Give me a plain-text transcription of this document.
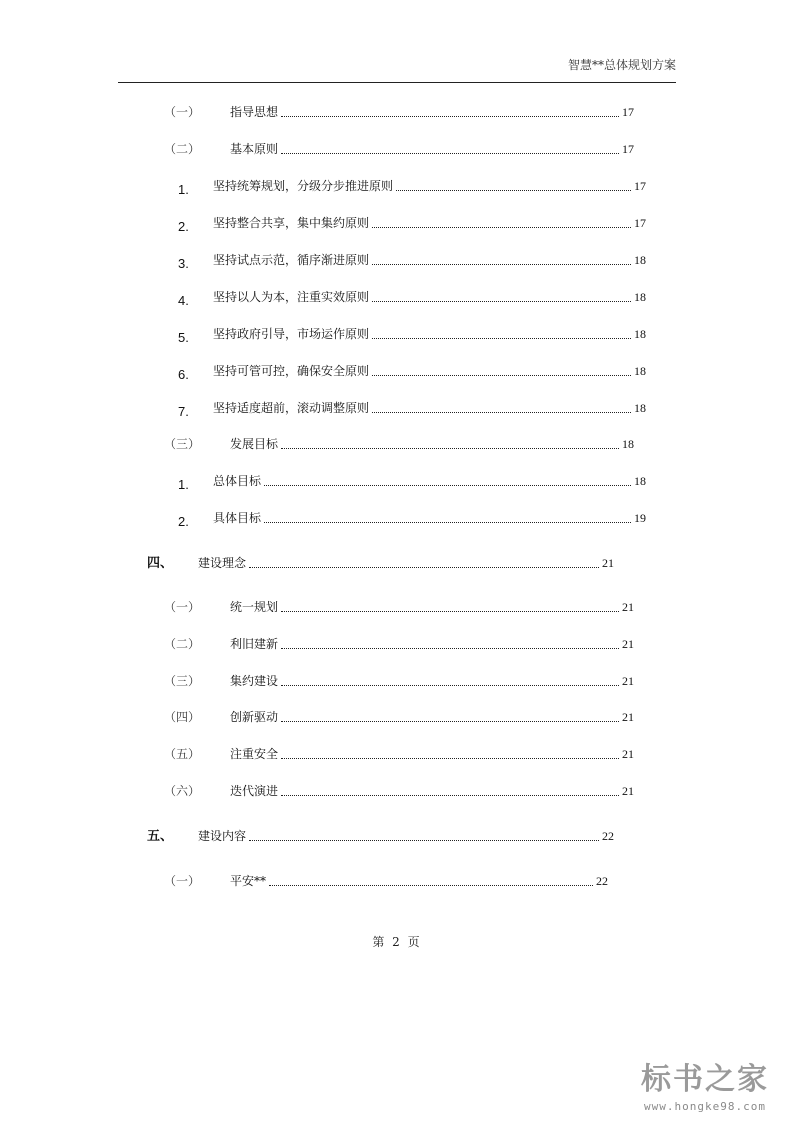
智慧**总体规划方案
（一） 指导思想	17
（二） 基本原则	17
1. 坚持统筹规划，分级分步推进原则	17
2. 坚持整合共享，集中集约原则	17
3. 坚持试点示范，循序渐进原则	18
4. 坚持以人为本，注重实效原则	18
5. 坚持政府引导，市场运作原则	18
6. 坚持可管可控，确保安全原则	18
7. 坚持适度超前，滚动调整原则	18
（三） 发展目标	18
1. 总体目标	18
2. 具体目标	19
四、 建设理念	21
（一） 统一规划	21
（二） 利旧建新	21
（三） 集约建设	21
（四） 创新驱动	21
（五） 注重安全	21
（六） 迭代演进	21
五、 建设内容	22
（一） 平安**	22
第 2 页
标书之家
www.hongke98.com
